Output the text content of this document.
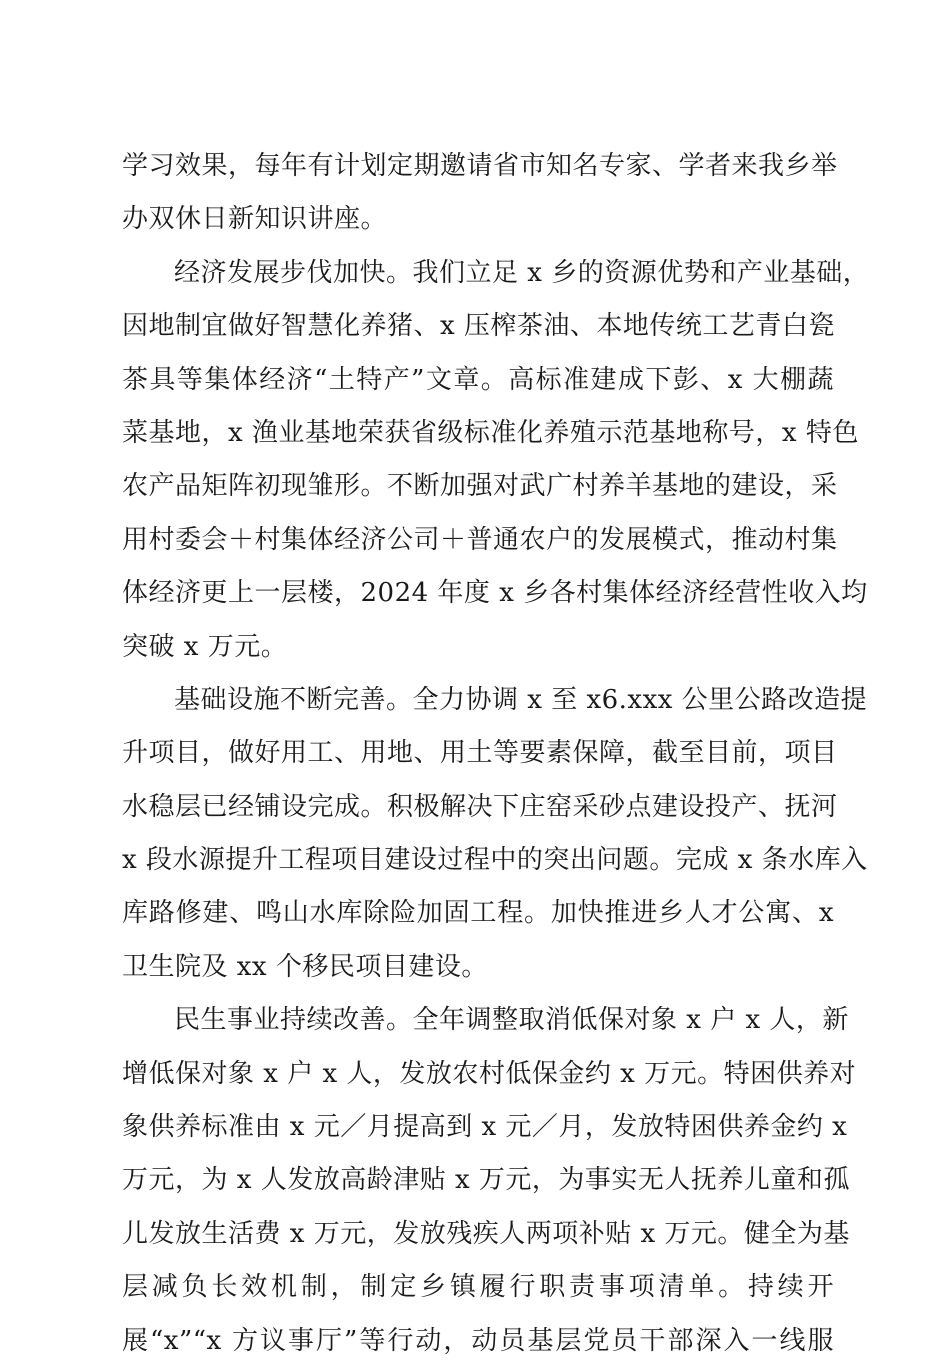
学习效果，每年有计划定期邀请省市知名专家、学者来我乡举
办双休日新知识讲座。
经济发展步伐加快。我们立足 x 乡的资源优势和产业基础，
因地制宜做好智慧化养猪、x 压榨茶油、本地传统工艺青白瓷
茶具等集体经济“土特产”文章。高标准建成下彭、x 大棚蔬
菜基地，x 渔业基地荣获省级标准化养殖示范基地称号，x 特色
农产品矩阵初现雏形。不断加强对武广村养羊基地的建设，采
用村委会＋村集体经济公司＋普通农户的发展模式，推动村集
体经济更上一层楼，2024 年度 x 乡各村集体经济经营性收入均
突破 x 万元。
基础设施不断完善。全力协调 x 至 x6.xxx 公里公路改造提
升项目，做好用工、用地、用土等要素保障，截至目前，项目
水稳层已经铺设完成。积极解决下庄窑采砂点建设投产、抚河
x 段水源提升工程项目建设过程中的突出问题。完成 x 条水库入
库路修建、鸣山水库除险加固工程。加快推进乡人才公寓、x
卫生院及 xx 个移民项目建设。
民生事业持续改善。全年调整取消低保对象 x 户 x 人，新
增低保对象 x 户 x 人，发放农村低保金约 x 万元。特困供养对
象供养标准由 x 元／月提高到 x 元／月，发放特困供养金约 x
万元，为 x 人发放高龄津贴 x 万元，为事实无人抚养儿童和孤
儿发放生活费 x 万元，发放残疾人两项补贴 x 万元。健全为基
层减负长效机制，制定乡镇履行职责事项清单。持续开
展“x”“x 方议事厅”等行动，动员基层党员干部深入一线服
